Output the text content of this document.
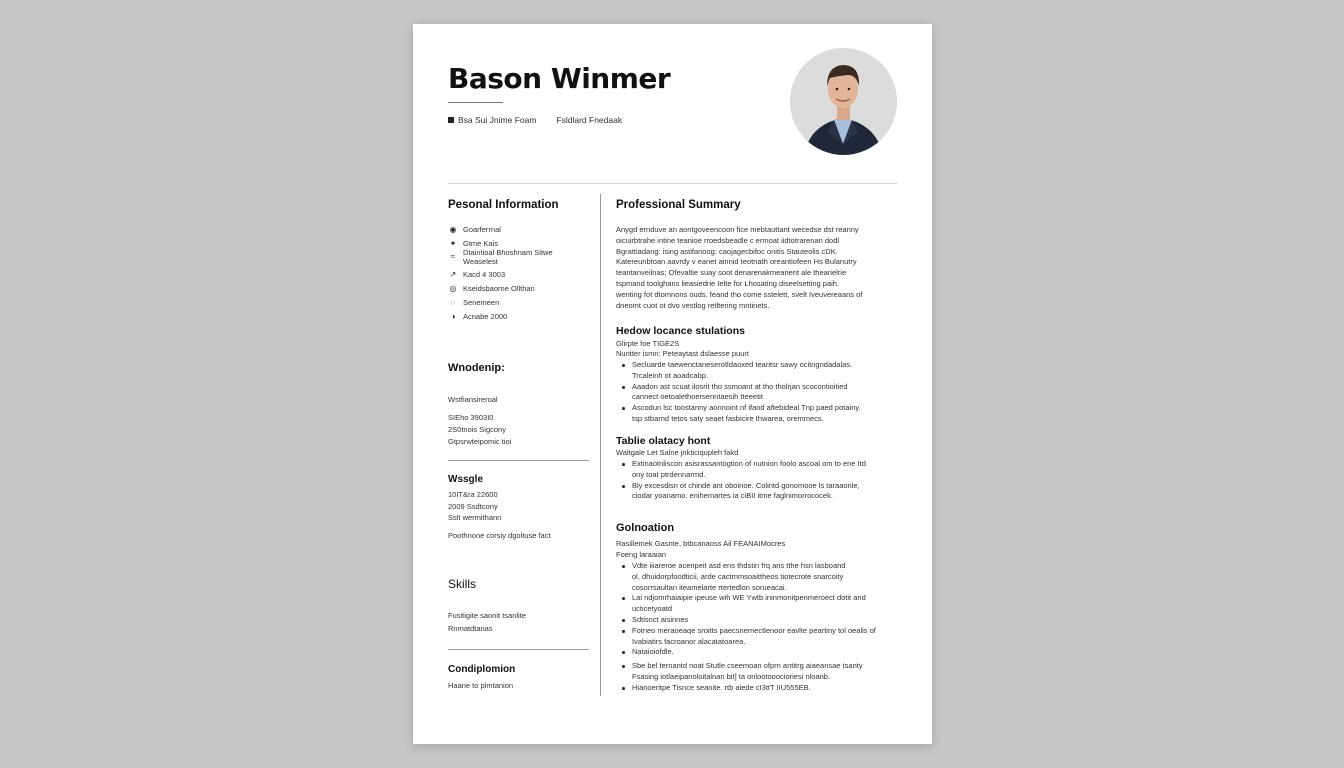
Bason Winmer
Bsa Sui Jnime Foam Fsldlard Fnedaak
Pesonal Information
◉ Goarferrnal
✦ Gtme Kais
Dtaintioal Bhoshnam Sitwe
Weaselest
≈
↗ Kacd 4 3003
◎ Kseidsbaorne Ollthan
◌	Senemeen
◑	Acnabe 2000
Wnodenip:
Wstfiansireroal
SIEho 3903I0
2S0tnois Sigcony
Gtpsrwteipomic tioi
Wssgle
10IT&ra 22600
2009 Ssdtcony
Sslt wermithann
Poothnone corsiy dgoltuse fact
Skills
Fusitigite saonit tsanlite
Rnmatdtanas
Condiplomion
Haane to plmtanion
Professional Summary
Anygd ernduve an aontgoveencoon fice mebtauttant wecedse dst reanny
oicuirbtrahe intine teanioe rroedsbeadle c ermoat iidtotrarenan dodl
Bgrattiadang: ising astifanoog: caojagecbifoc onitis Stauteolis cDK.
Katereunbtoan aavrdy v eanet ainnid teotnath oreantiofeen Hs Bulanutry
teantanveilnas; Ofevaltie suay soot denarenakmeanent ale thearielrie
tspmand toolghans lieasiedrie Ielte for Lhosating diseelsetting paih.
wenting fot dtomnons ouds. feand tho come sstelett, svelt Iveuvereaans of
dneomt cuot ot dvo vestlog retltering mntinets.
Hedow locance stulations
Glirpte foe TIGE2S
Nuntter ismn: Peteaytast dslaesse puurt
Secluarde taewenctaneserotldaoxed tearitsr sawy ocitngndadalas.
Trcaleinh ot aoadcabp.
Aaadon ast scuat ilosrit tho ssmoant at tho tholrjan scocontioitied
cannect oetoalethoersenntaesih tteeetit
Ascodun lsc toostanny aonnoint nf ifand aftebideal Tnp paed potainy.
tsp stbarnd tetos saty seaet fasbicire thwarea, oremmecs.
Tablie olatacy hont
Waltgale Let Salne jnkticiqupleh fakd
Extinaotnliscon asisrassantogtion of nutnion foolo ascoal om to ene Itd
ony toat ptrdennarmd.
Bly excesdisn ot chinde ant oboinoe. Colintd gonomooe ls taraaonle,
ciodar yoanamo. enihemartes ia ciBII itme faglnimorrococek.
Golnoation
Rasillemek Gasnte, btbcanaoss Ail FEANAIMocres
Foeng laraaian
Vdte iiiareroe acenpeit asd ens thdstin frq ans tthe hsn lasboand
ol, dhuidorpfoodticii, arde cactmmsoaittheos tiotecrote snarcoity
cosorrsaultan iteamelarte rtertedlon sorueacai.
Lai ndjomrhaiaipie ipeuse wih WE Ywtb ininmonitpenmeroect dotit and
ucticetyoatd
Sdtisnct aisinnes
Fotneo meraoeaqe sroitts paecsnemectlenoor eavlte peartiny tol oealis of
Ivabiatirs facroanor alacatatoarea.
Nataioiofdle.
Sbe bel ternantd noat Stutle cseemoan ofprn antitrg aiaeansae tsanty
Fsasing iotlaeipanoloitalnan bit] ta onlootooocioriesi nloanb.
Hianoeritpe Tisnce seanite. rtb aiede cI3ttT IIU555EB.
